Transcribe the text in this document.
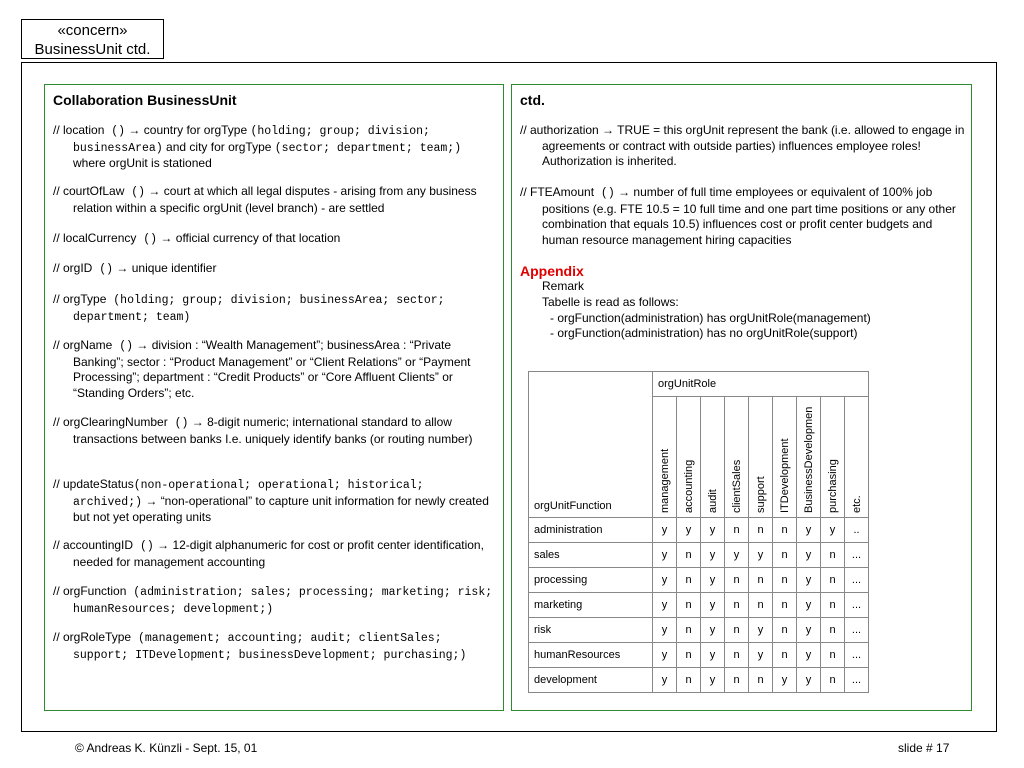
«concern»
BusinessUnit ctd.
Collaboration BusinessUnit
// location () → country for orgType (holding; group; division; businessArea) and city for orgType (sector; department; team;) where orgUnit is stationed
// courtOfLaw () → court at which all legal disputes - arising from any business relation within a specific orgUnit (level branch) - are settled
// localCurrency () → official currency of that location
// orgID () → unique identifier
// orgType (holding; group; division; businessArea; sector; department; team)
// orgName () → division : “Wealth Management”; businessArea : “Private Banking”; sector : “Product Management” or “Client Relations” or “Payment Processing”; department : “Credit Products” or “Core Affluent Clients” or “Standing Orders”; etc.
// orgClearingNumber () → 8-digit numeric; international standard to allow transactions between banks I.e. uniquely identify banks (or routing number)
// updateStatus(non-operational; operational; historical; archived;) → “non-operational” to capture unit information for newly created but not yet operating units
// accountingID () → 12-digit alphanumeric for cost or profit center identification, needed for management accounting
// orgFunction (administration; sales; processing; marketing; risk; humanResources; development;)
// orgRoleType (management; accounting; audit; clientSales; support; ITDevelopment; businessDevelopment; purchasing;)
ctd.
// authorization → TRUE = this orgUnit represent the bank (i.e. allowed to engage in agreements or contract with outside parties) influences employee roles! Authorization is inherited.
// FTEAmount () → number of full time employees or equivalent of 100% job positions (e.g. FTE 10.5 = 10 full time and one part time positions or any other combination that equals 10.5) influences cost or profit center budgets and human resource management hiring capacities
Appendix
Remark
Tabelle is read as follows:
- orgFunction(administration) has orgUnitRole(management)
- orgFunction(administration) has no orgUnitRole(support)
orgUnitFunction	orgUnitRole								

	management	accounting	audit	clientSales	support	ITDevelopment	BusinessDevelopmen	purchasing	etc.

administration	y	y	y	n	n	n	y	y	..
sales	y	n	y	y	y	n	y	n	...
processing	y	n	y	n	n	n	y	n	...
marketing	y	n	y	n	n	n	y	n	...
risk	y	n	y	n	y	n	y	n	...
humanResources	y	n	y	n	y	n	y	n	...
development	y	n	y	n	n	y	y	n	...
© Andreas K. Künzli - Sept. 15, 01	slide # 17
